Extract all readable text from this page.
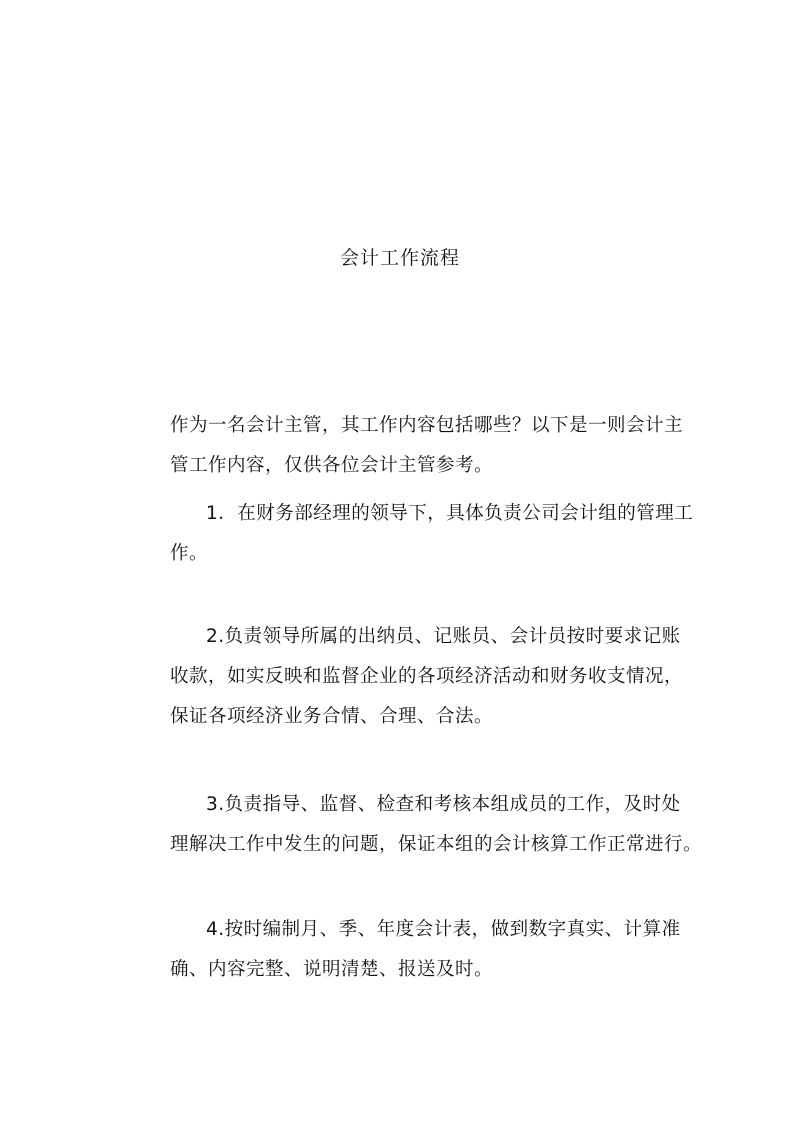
会计工作流程
作为一名会计主管，其工作内容包括哪些？以下是一则会计主
管工作内容，仅供各位会计主管参考。
1．在财务部经理的领导下，具体负责公司会计组的管理工
作。
2.负责领导所属的出纳员、记账员、会计员按时要求记账
收款，如实反映和监督企业的各项经济活动和财务收支情况，
保证各项经济业务合情、合理、合法。
3.负责指导、监督、检查和考核本组成员的工作，及时处
理解决工作中发生的问题，保证本组的会计核算工作正常进行。
4.按时编制月、季、年度会计表，做到数字真实、计算准
确、内容完整、说明清楚、报送及时。
